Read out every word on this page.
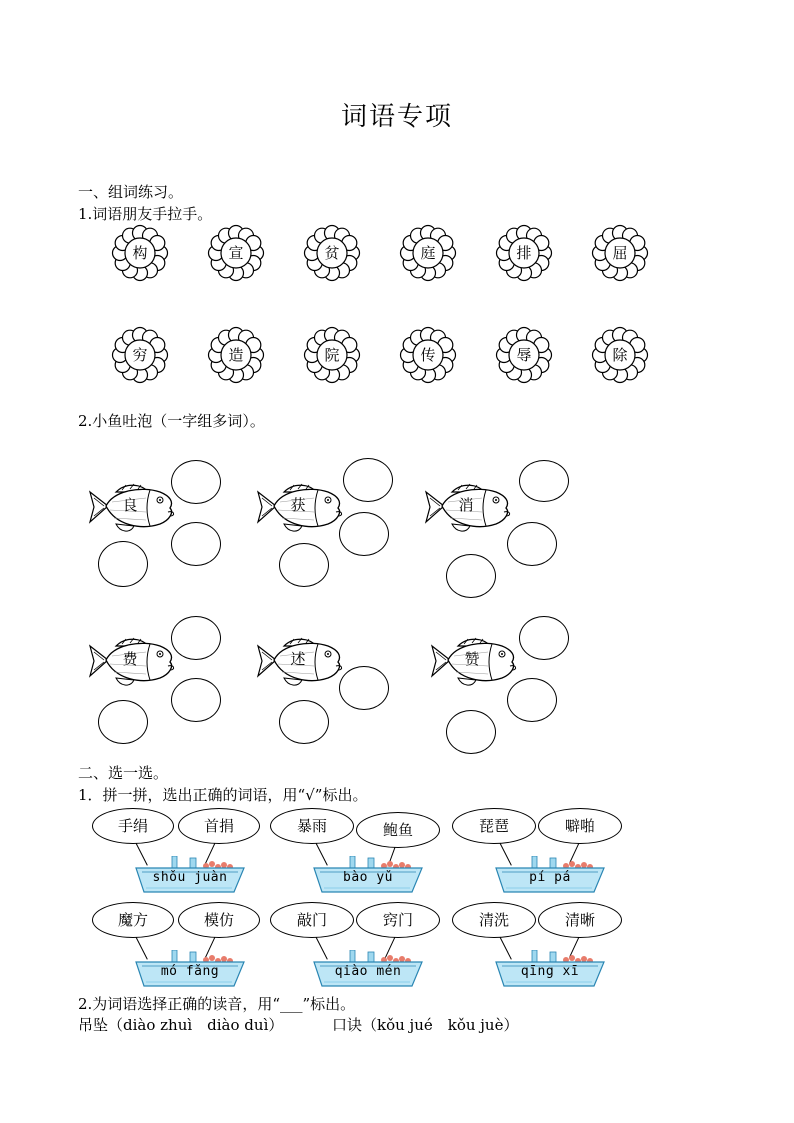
词语专项
一、组词练习。
1.词语朋友手拉手。
构	宣	贫	庭	排	屈
穷	造	院	传	辱	除
2.小鱼吐泡（一字组多词）。
良	获	消
费	述	赞
二、选一选。
1．拼一拼，选出正确的词语，用“√”标出。
手绢	首捐
shǒu juàn
暴雨	鲍鱼
bào yǔ
琵琶	噼啪
pí pá
魔方	模仿
mó fǎng
敲门	窍门
qiào mén
清洗	清晰
qīng xī
2.为词语选择正确的读音，用“___”标出。
吊坠（diào zhuì　diào duì）	口诀（kǒu jué　kǒu juè）
